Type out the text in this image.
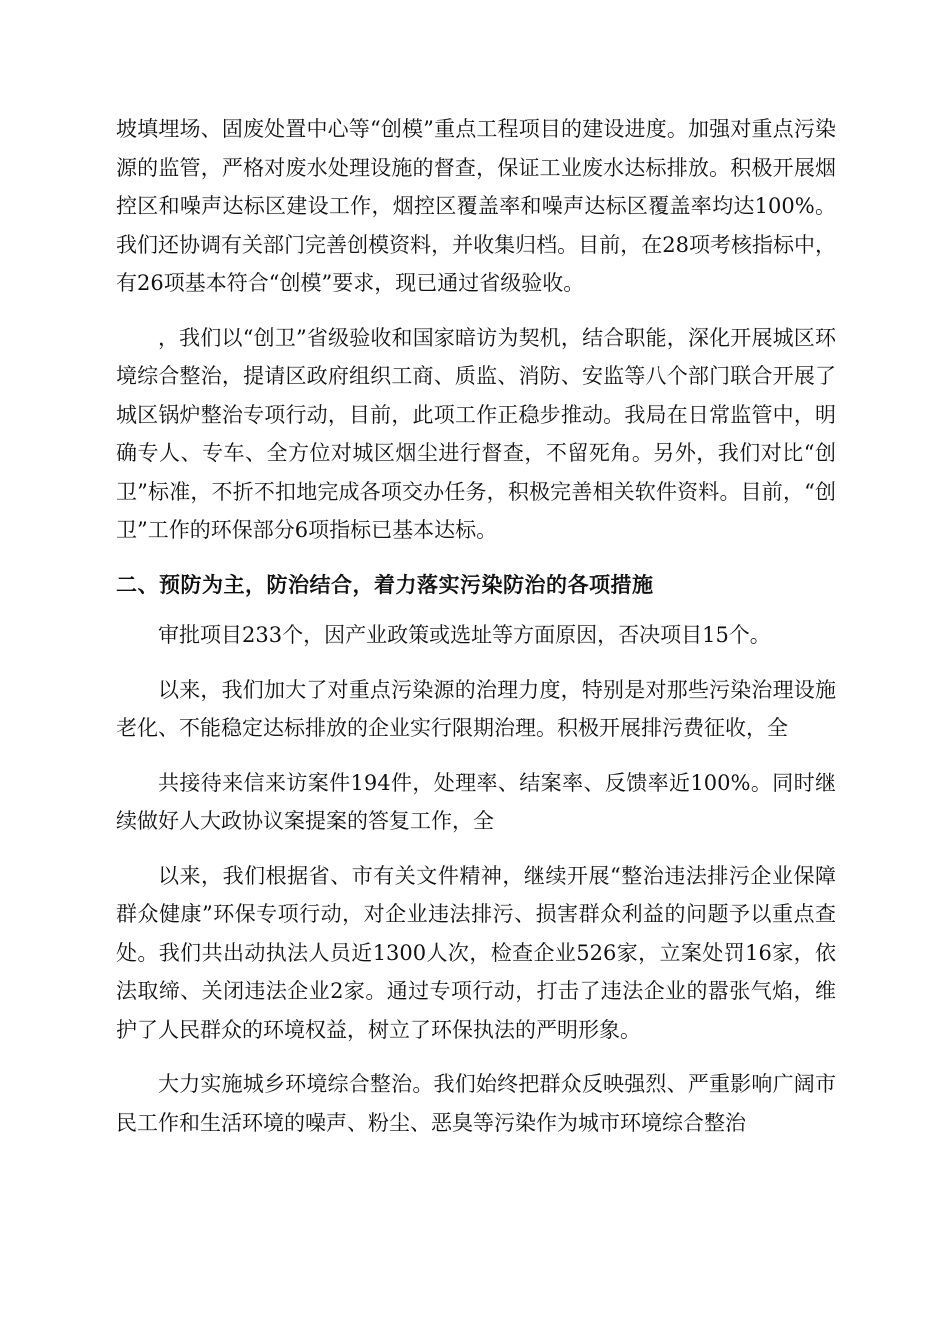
坡填埋场、固废处置中心等“创模”重点工程项目的建设进度。加强对重点污染源的监管，严格对废水处理设施的督查，保证工业废水达标排放。积极开展烟控区和噪声达标区建设工作，烟控区覆盖率和噪声达标区覆盖率均达100%。我们还协调有关部门完善创模资料，并收集归档。目前，在28项考核指标中，有26项基本符合“创模”要求，现已通过省级验收。

，我们以“创卫”省级验收和国家暗访为契机，结合职能，深化开展城区环境综合整治，提请区政府组织工商、质监、消防、安监等八个部门联合开展了城区锅炉整治专项行动，目前，此项工作正稳步推动。我局在日常监管中，明确专人、专车、全方位对城区烟尘进行督查，不留死角。另外，我们对比“创卫”标准，不折不扣地完成各项交办任务，积极完善相关软件资料。目前，“创卫”工作的环保部分6项指标已基本达标。

二、预防为主，防治结合，着力落实污染防治的各项措施

审批项目233个，因产业政策或选址等方面原因，否决项目15个。

以来，我们加大了对重点污染源的治理力度，特别是对那些污染治理设施老化、不能稳定达标排放的企业实行限期治理。积极开展排污费征收，全

共接待来信来访案件194件，处理率、结案率、反馈率近100%。同时继续做好人大政协议案提案的答复工作，全

以来，我们根据省、市有关文件精神，继续开展“整治违法排污企业保障群众健康”环保专项行动，对企业违法排污、损害群众利益的问题予以重点查处。我们共出动执法人员近1300人次，检查企业526家，立案处罚16家，依法取缔、关闭违法企业2家。通过专项行动，打击了违法企业的嚣张气焰，维护了人民群众的环境权益，树立了环保执法的严明形象。

大力实施城乡环境综合整治。我们始终把群众反映强烈、严重影响广阔市民工作和生活环境的噪声、粉尘、恶臭等污染作为城市环境综合整治
